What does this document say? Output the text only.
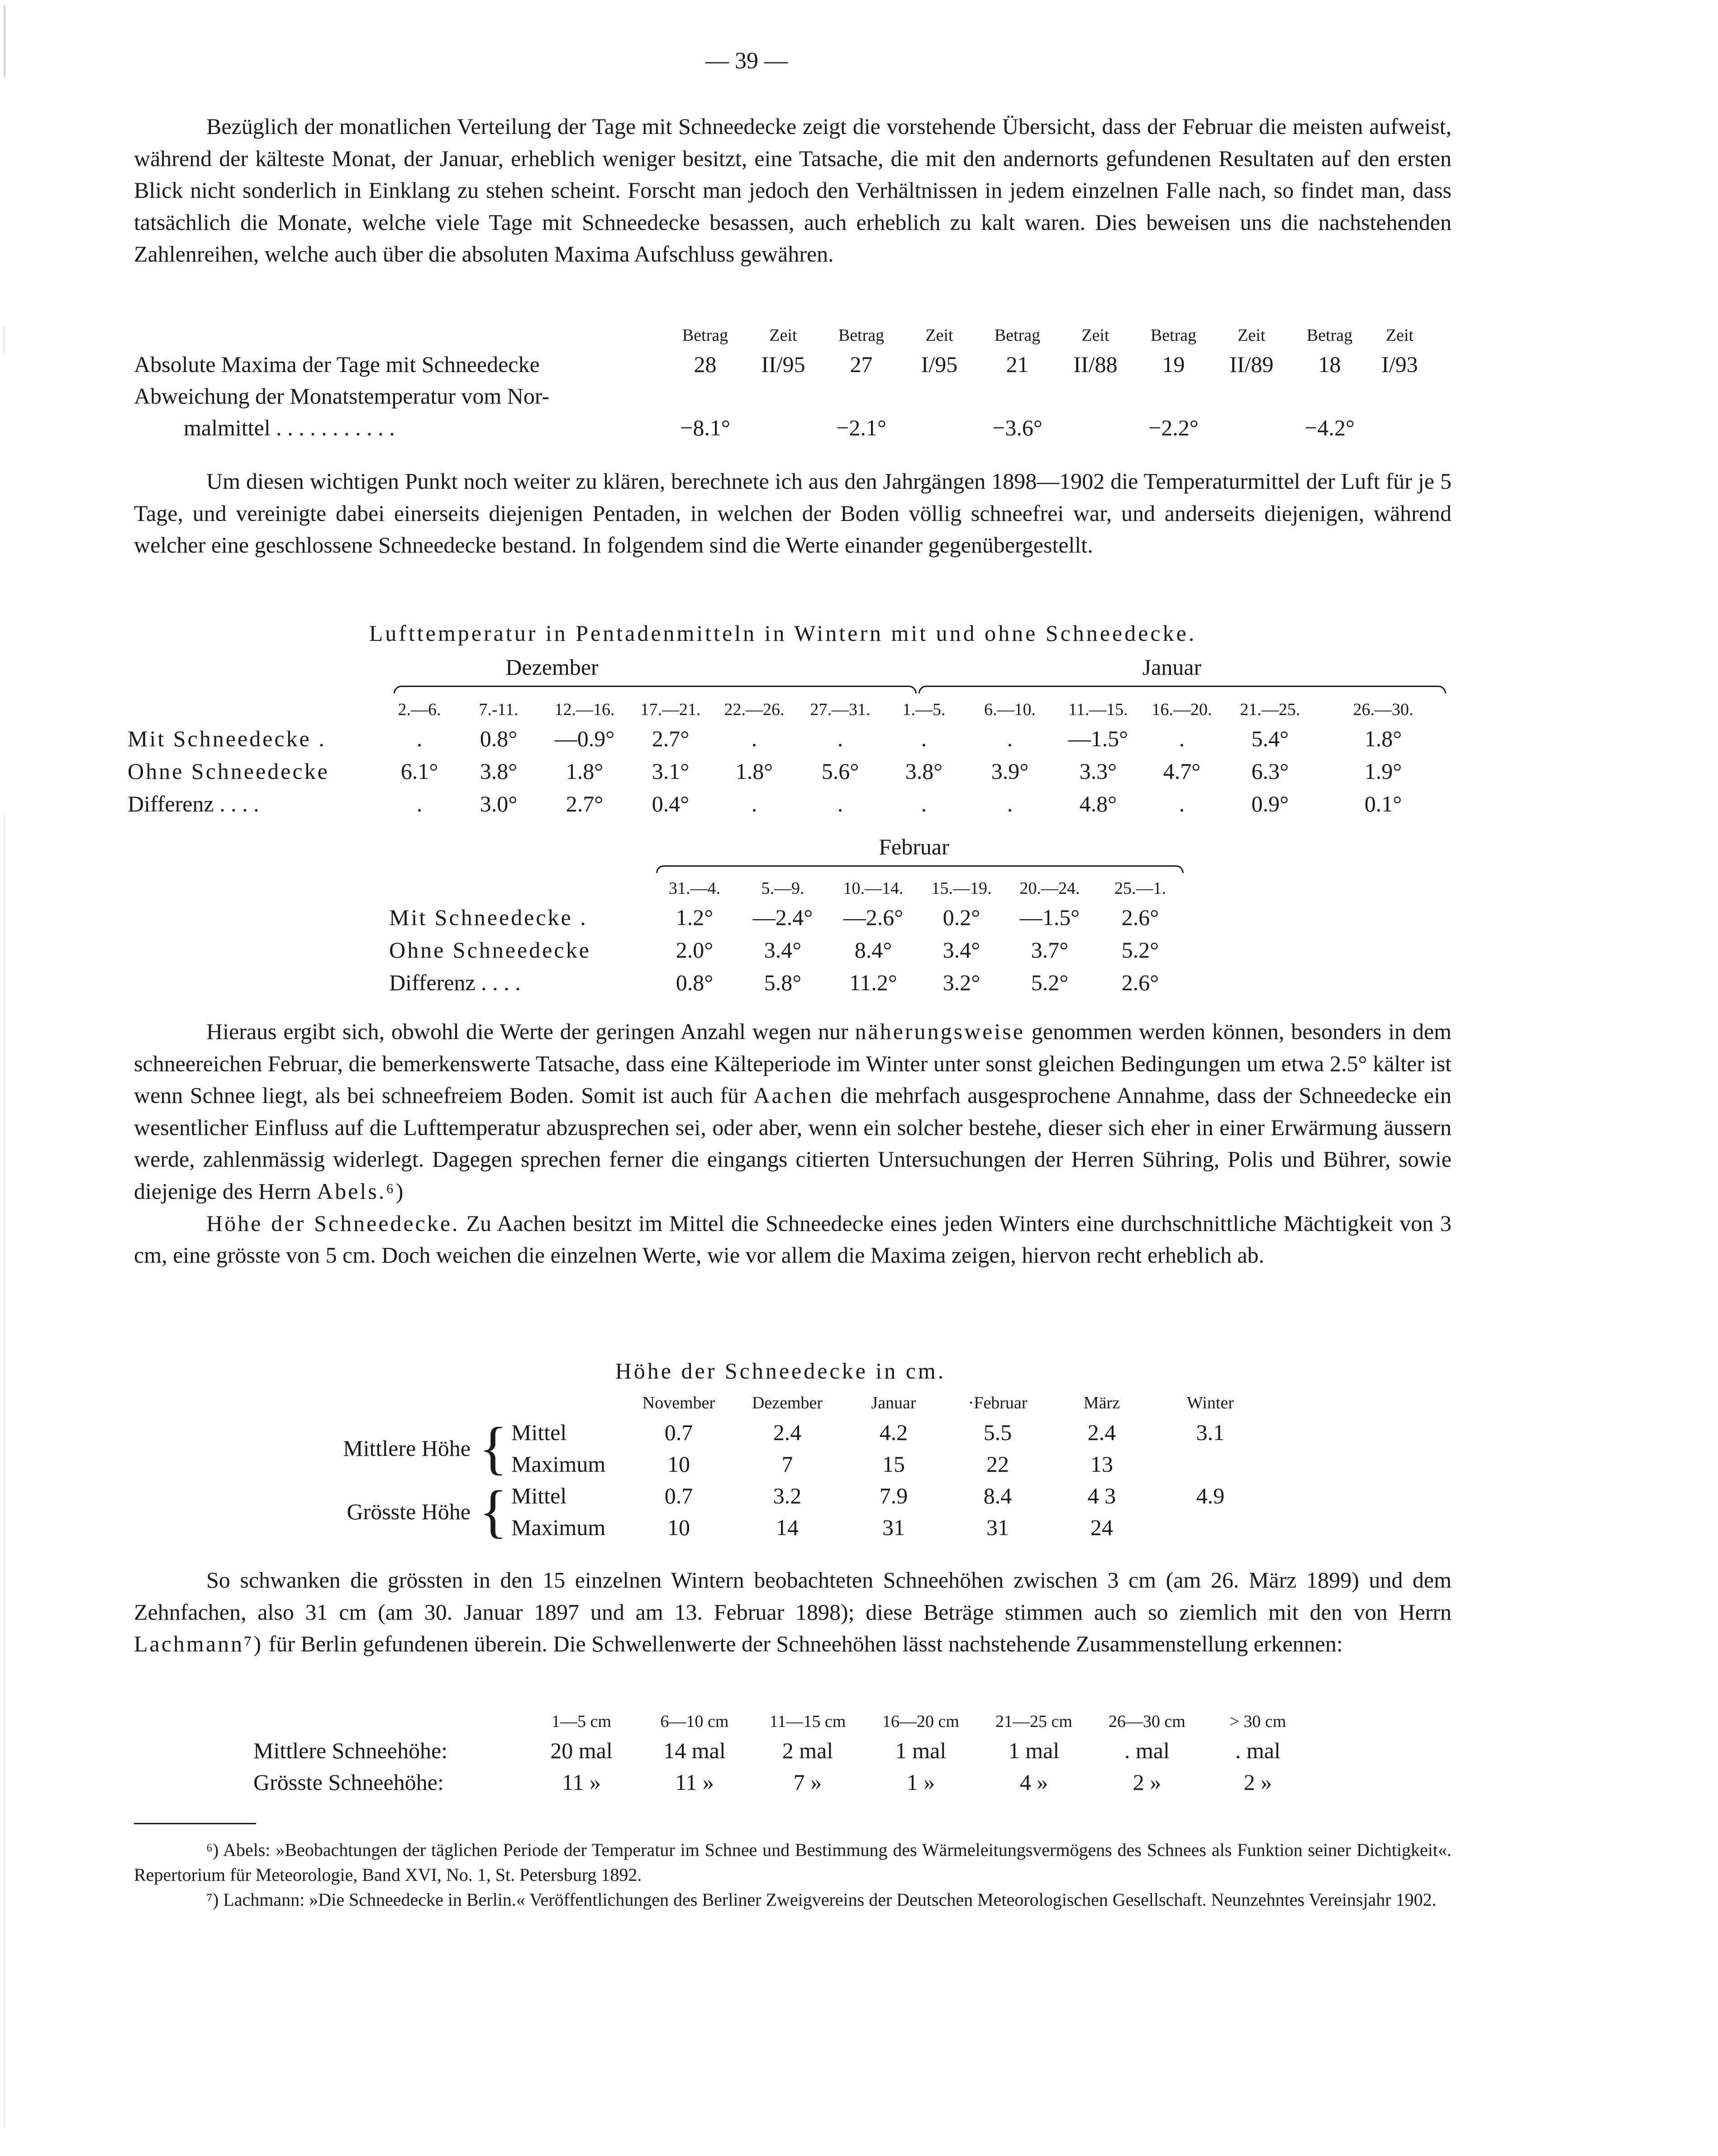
— 39 —

Bezüglich der monatlichen Verteilung der Tage mit Schneedecke zeigt die vorstehende Übersicht, dass der Februar die meisten aufweist, während der kälteste Monat, der Januar, erheblich weniger besitzt, eine Tatsache, die mit den andernorts gefundenen Resultaten auf den ersten Blick nicht sonderlich in Einklang zu stehen scheint. Forscht man jedoch den Verhältnissen in jedem einzelnen Falle nach, so findet man, dass tatsächlich die Monate, welche viele Tage mit Schneedecke besassen, auch erheblich zu kalt waren. Dies beweisen uns die nachstehenden Zahlenreihen, welche auch über die absoluten Maxima Aufschluss gewähren.

	Betrag	Zeit	Betrag	Zeit	Betrag	Zeit	Betrag	Zeit	Betrag	Zeit
Absolute Maxima der Tage mit Schneedecke	28	II/95	27	I/95	21	II/88	19	II/89	18	I/93
Abweichung der Monatstemperatur vom Nor-										
malmittel . . . . . . . . . . .	−8.1°		−2.1°		−3.6°		−2.2°		−4.2°	

Um diesen wichtigen Punkt noch weiter zu klären, berechnete ich aus den Jahrgängen 1898—1902 die Temperaturmittel der Luft für je 5 Tage, und vereinigte dabei einerseits diejenigen Pentaden, in welchen der Boden völlig schneefrei war, und anderseits diejenigen, während welcher eine geschlossene Schneedecke bestand. In folgendem sind die Werte einander gegenübergestellt.

Lufttemperatur in Pentadenmitteln in Wintern mit und ohne Schneedecke.
Dezember	Januar
	2.—6.	7.-11.	12.—16.	17.—21.	22.—26.	27.—31.	1.—5.	6.—10.	11.—15.	16.—20.	21.—25.	26.—30.
Mit Schneedecke .	.	0.8°	—0.9°	2.7°	.	.	.	.	—1.5°	.	5.4°	1.8°
Ohne Schneedecke	6.1°	3.8°	1.8°	3.1°	1.8°	5.6°	3.8°	3.9°	3.3°	4.7°	6.3°	1.9°
Differenz . . . .	.	3.0°	2.7°	0.4°	.	.	.	.	4.8°	.	0.9°	0.1°
Februar
	31.—4.	5.—9.	10.—14.	15.—19.	20.—24.	25.—1.
Mit Schneedecke .	1.2°	—2.4°	—2.6°	0.2°	—1.5°	2.6°
Ohne Schneedecke	2.0°	3.4°	8.4°	3.4°	3.7°	5.2°
Differenz . . . .	0.8°	5.8°	11.2°	3.2°	5.2°	2.6°

Hieraus ergibt sich, obwohl die Werte der geringen Anzahl wegen nur näherungsweise genommen werden können, besonders in dem schneereichen Februar, die bemerkenswerte Tatsache, dass eine Kälteperiode im Winter unter sonst gleichen Bedingungen um etwa 2.5° kälter ist wenn Schnee liegt, als bei schneefreiem Boden. Somit ist auch für Aachen die mehrfach ausgesprochene Annahme, dass der Schneedecke ein wesentlicher Einfluss auf die Lufttemperatur abzusprechen sei, oder aber, wenn ein solcher bestehe, dieser sich eher in einer Erwärmung äussern werde, zahlenmässig widerlegt. Dagegen sprechen ferner die eingangs citierten Untersuchungen der Herren Sühring, Polis und Bührer, sowie diejenige des Herrn Abels.⁶)

Höhe der Schneedecke. Zu Aachen besitzt im Mittel die Schneedecke eines jeden Winters eine durchschnittliche Mächtigkeit von 3 cm, eine grösste von 5 cm. Doch weichen die einzelnen Werte, wie vor allem die Maxima zeigen, hiervon recht erheblich ab.

Höhe der Schneedecke in cm.
			November	Dezember	Januar	·Februar	März	Winter
Mittlere Höhe	{	Mittel	0.7	2.4	4.2	5.5	2.4	3.1
		Maximum	10	7	15	22	13	
Grösste Höhe	{	Mittel	0.7	3.2	7.9	8.4	4 3	4.9
		Maximum	10	14	31	31	24	

So schwanken die grössten in den 15 einzelnen Wintern beobachteten Schneehöhen zwischen 3 cm (am 26. März 1899) und dem Zehnfachen, also 31 cm (am 30. Januar 1897 und am 13. Februar 1898); diese Beträge stimmen auch so ziemlich mit den von Herrn Lachmann⁷) für Berlin gefundenen überein. Die Schwellenwerte der Schneehöhen lässt nachstehende Zusammenstellung erkennen:

	1—5 cm	6—10 cm	11—15 cm	16—20 cm	21—25 cm	26—30 cm	> 30 cm
Mittlere Schneehöhe:	20 mal	14 mal	2 mal	1 mal	1 mal	. mal	. mal
Grösste Schneehöhe:	11 »	11 »	7 »	1 »	4 »	2 »	2 »

⁶) Abels: »Beobachtungen der täglichen Periode der Temperatur im Schnee und Bestimmung des Wärmeleitungsvermögens des Schnees als Funktion seiner Dichtigkeit«. Repertorium für Meteorologie, Band XVI, No. 1, St. Petersburg 1892.

⁷) Lachmann: »Die Schneedecke in Berlin.« Veröffentlichungen des Berliner Zweigvereins der Deutschen Meteorologischen Gesellschaft. Neunzehntes Vereinsjahr 1902.
